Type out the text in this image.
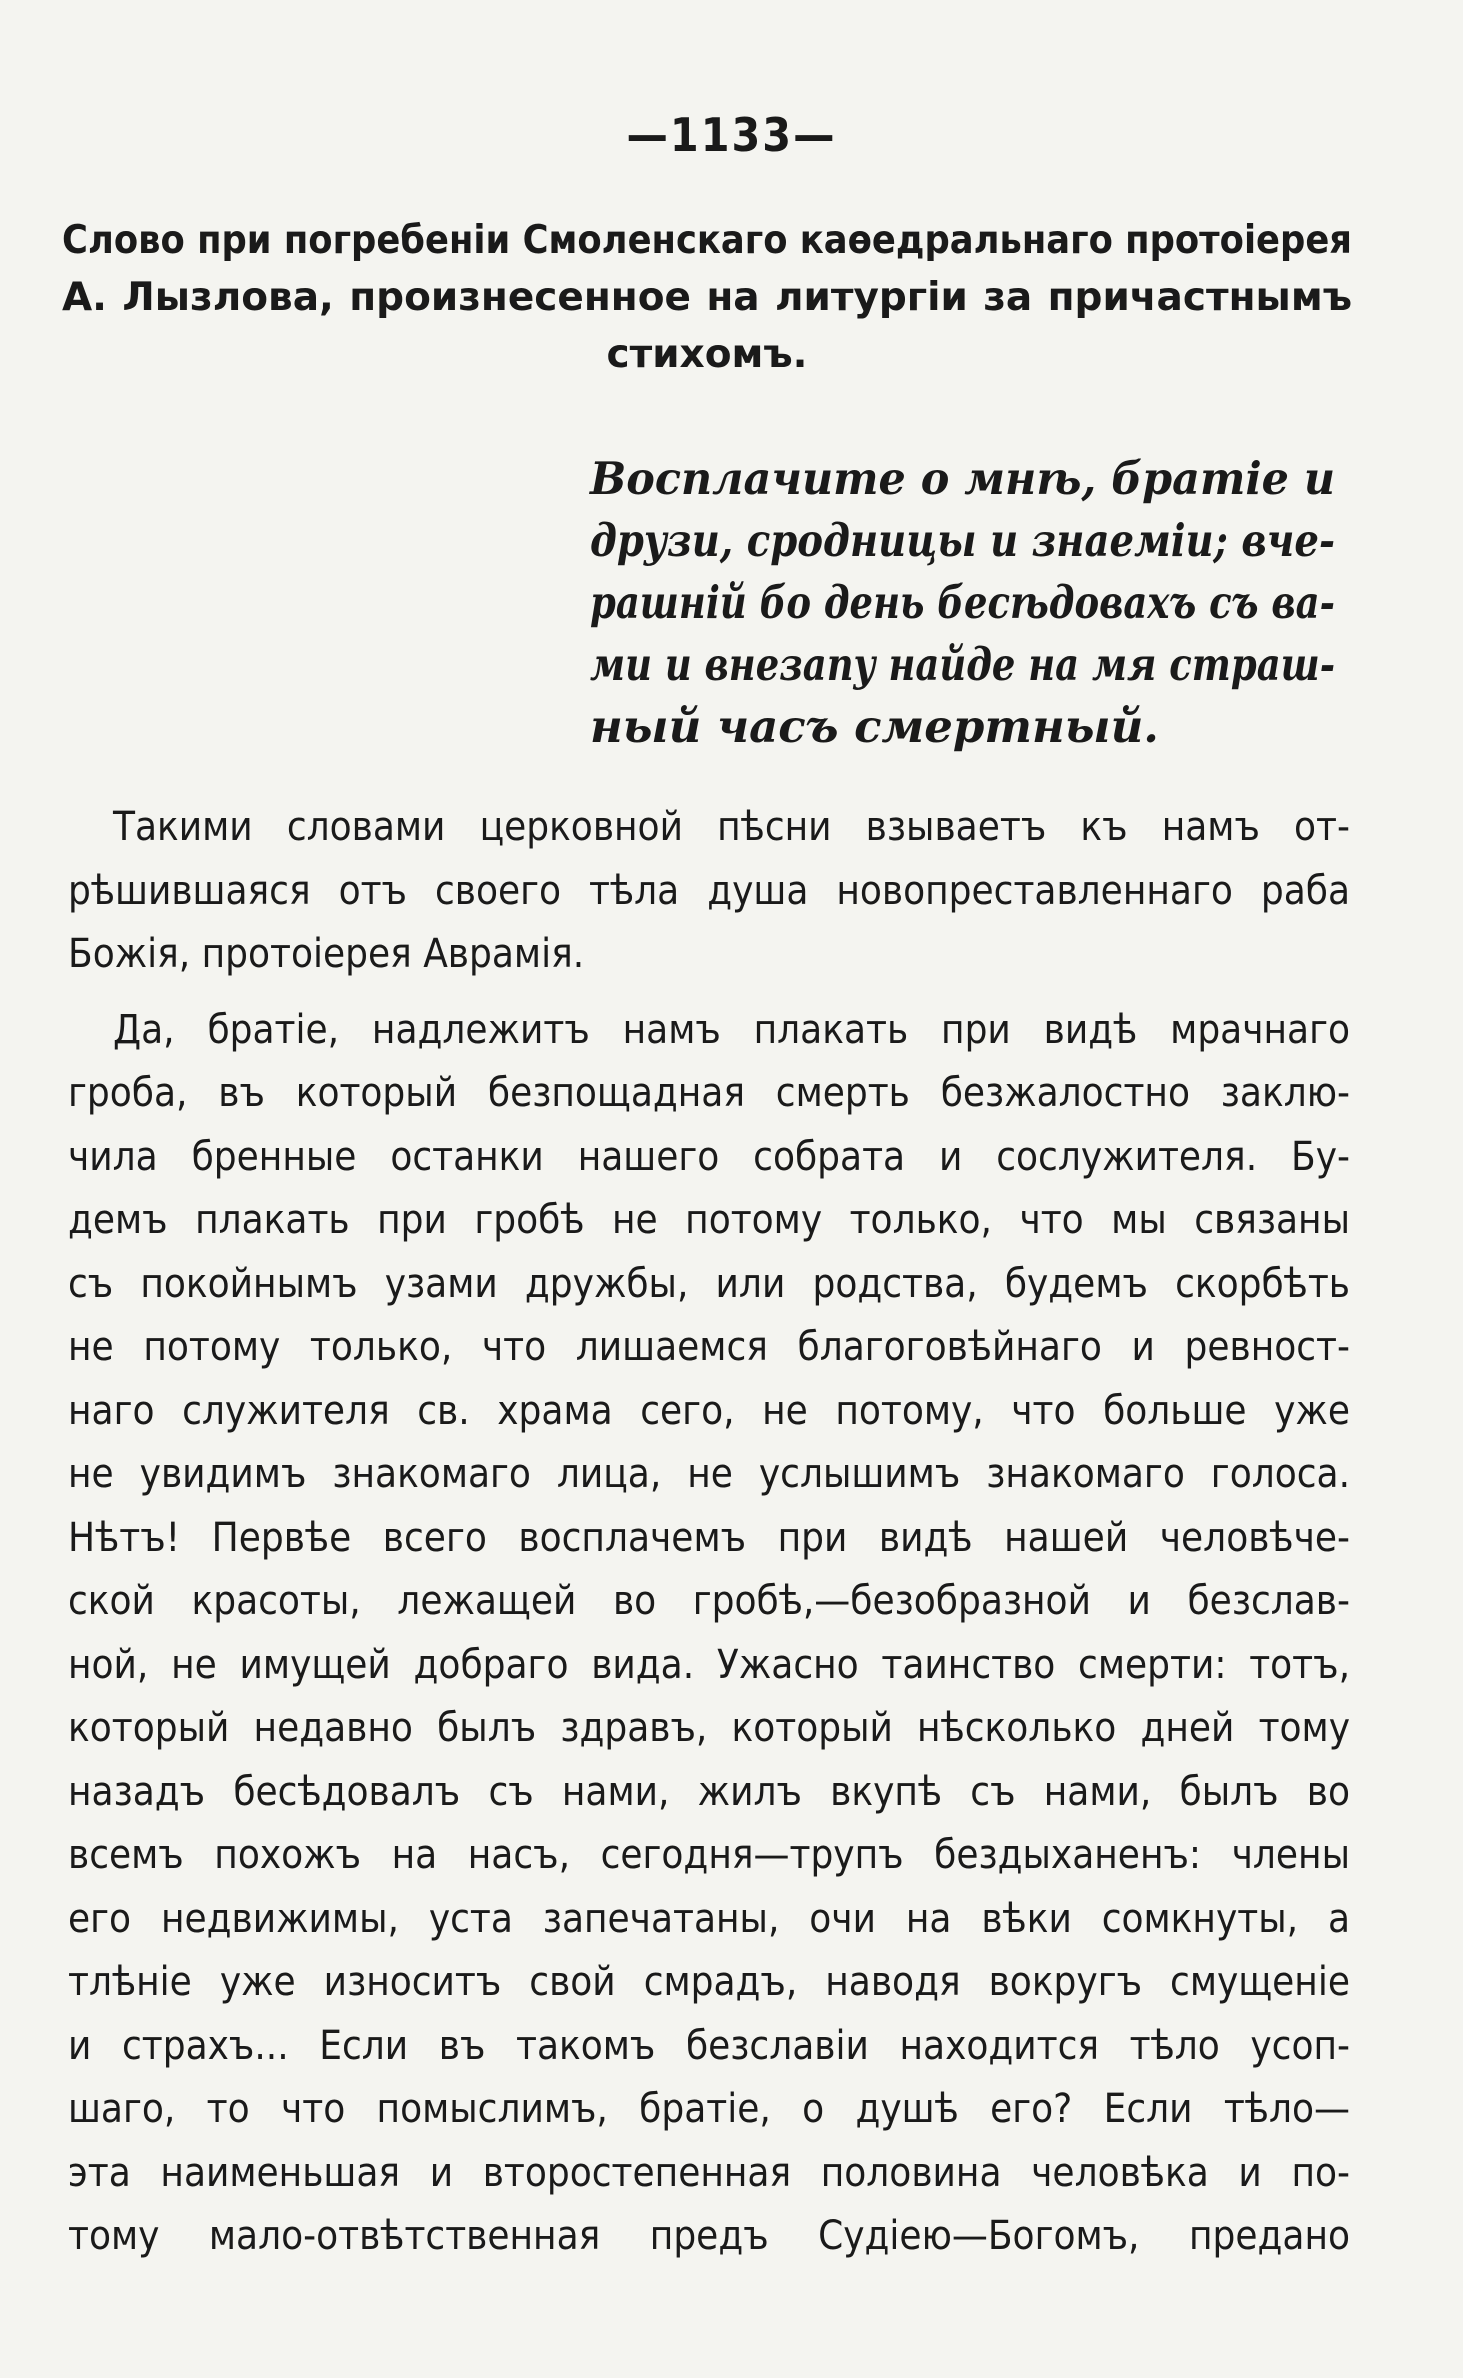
—1133—
Слово при погребенiи Смоленскаго каѳедральнаго протоiерея
А. Лызлова, произнесенное на литургiи за причастнымъ
стихомъ.
Восплачите о мнѣ, братiе и
друзи, сродницы и знаемiи; вче-
рашнiй бо день бесѣдовахъ съ ва-
ми и внезапу найде на мя страш-
ный часъ смертный.
Такими словами церковной пѣсни взываетъ къ намъ от-
рѣшившаяся отъ своего тѣла душа новопреставленнаго раба
Божiя, протоiерея Аврамiя.
Да, братiе, надлежитъ намъ плакать при видѣ мрачнаго
гроба, въ который безпощадная смерть безжалостно заклю-
чила бренные останки нашего собрата и сослужителя. Бу-
демъ плакать при гробѣ не потому только, что мы связаны
съ покойнымъ узами дружбы, или родства, будемъ скорбѣть
не потому только, что лишаемся благоговѣйнаго и ревност-
наго служителя св. храма сего, не потому, что больше уже
не увидимъ знакомаго лица, не услышимъ знакомаго голоса.
Нѣтъ! Первѣе всего восплачемъ при видѣ нашей человѣче-
ской красоты, лежащей во гробѣ,—безобразной и безслав-
ной, не имущей добраго вида. Ужасно таинство смерти: тотъ,
который недавно былъ здравъ, который нѣсколько дней тому
назадъ бесѣдовалъ съ нами, жилъ вкупѣ съ нами, былъ во
всемъ похожъ на насъ, сегодня—трупъ бездыханенъ: члены
его недвижимы, уста запечатаны, очи на вѣки сомкнуты, а
тлѣнiе уже износитъ свой смрадъ, наводя вокругъ смущенiе
и страхъ... Если въ такомъ безславiи находится тѣло усоп-
шаго, то что помыслимъ, братiе, о душѣ его? Если тѣло—
эта наименьшая и второстепенная половина человѣка и по-
тому мало-отвѣтственная предъ Судiею—Богомъ, предано
